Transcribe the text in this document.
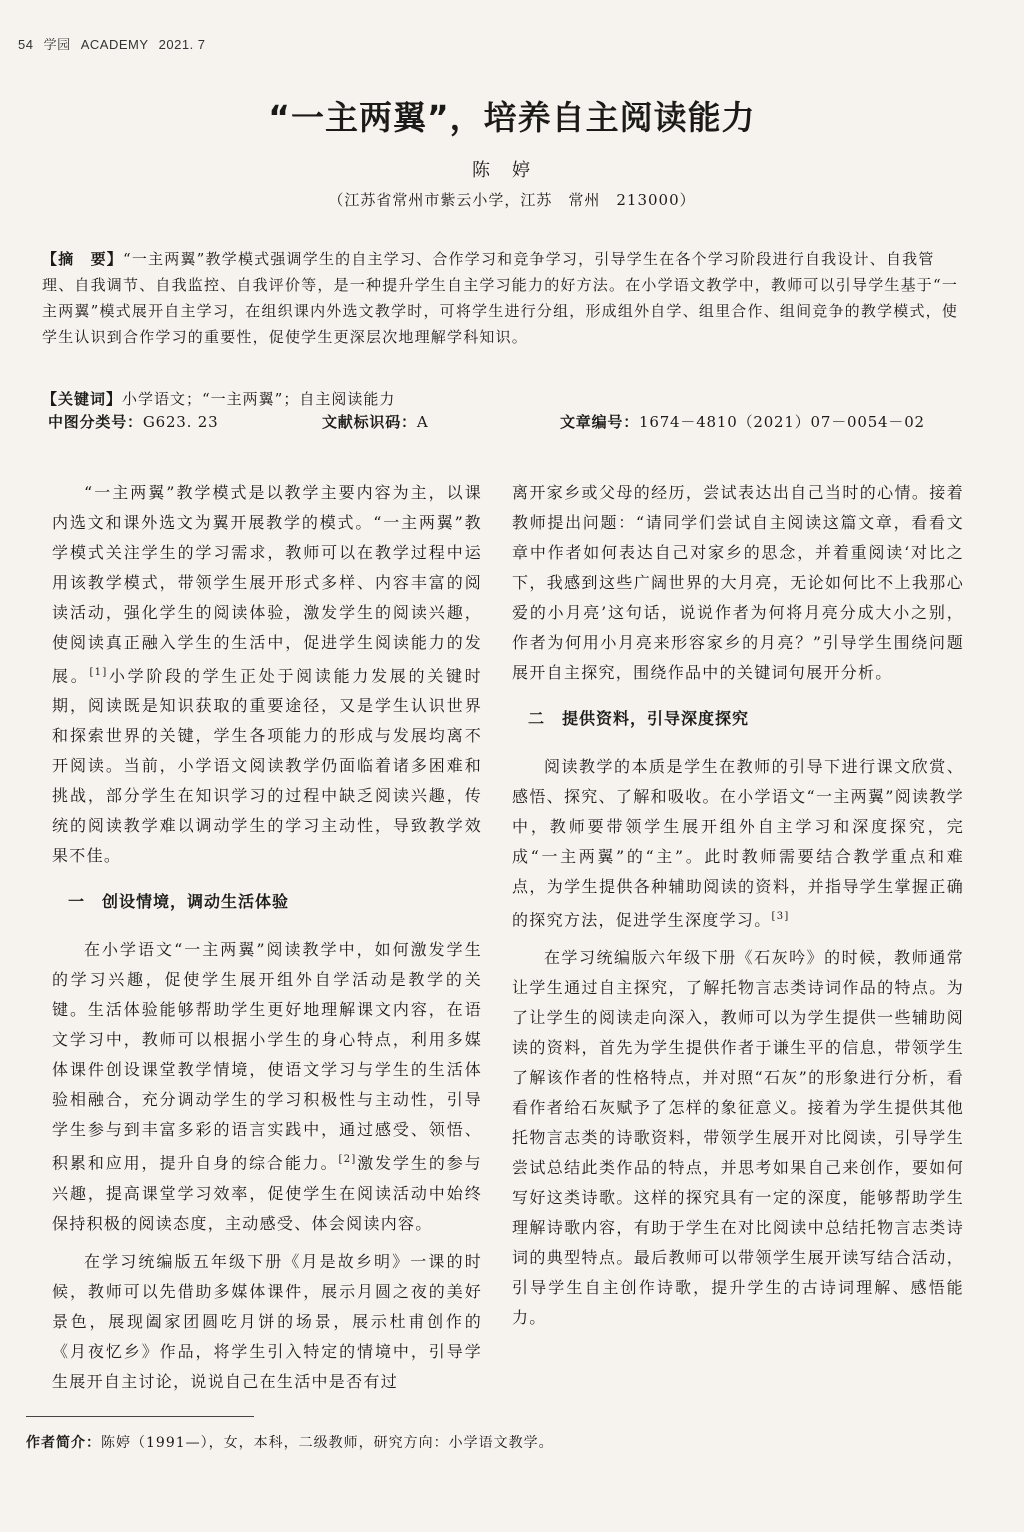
54 学园 ACADEMY 2021. 7
“一主两翼”，培养自主阅读能力
陈婷
（江苏省常州市紫云小学，江苏　常州　213000）
【摘　要】“一主两翼”教学模式强调学生的自主学习、合作学习和竞争学习，引导学生在各个学习阶段进行自我设计、自我管理、自我调节、自我监控、自我评价等，是一种提升学生自主学习能力的好方法。在小学语文教学中，教师可以引导学生基于“一主两翼”模式展开自主学习，在组织课内外选文教学时，可将学生进行分组，形成组外自学、组里合作、组间竞争的教学模式，使学生认识到合作学习的重要性，促使学生更深层次地理解学科知识。
【关键词】小学语文；“一主两翼”；自主阅读能力
中图分类号：G623. 23	文献标识码：A	文章编号：1674－4810（2021）07－0054－02

“一主两翼”教学模式是以教学主要内容为主，以课内选文和课外选文为翼开展教学的模式。“一主两翼”教学模式关注学生的学习需求，教师可以在教学过程中运用该教学模式，带领学生展开形式多样、内容丰富的阅读活动，强化学生的阅读体验，激发学生的阅读兴趣，使阅读真正融入学生的生活中，促进学生阅读能力的发展。[1]小学阶段的学生正处于阅读能力发展的关键时期，阅读既是知识获取的重要途径，又是学生认识世界和探索世界的关键，学生各项能力的形成与发展均离不开阅读。当前，小学语文阅读教学仍面临着诸多困难和挑战，部分学生在知识学习的过程中缺乏阅读兴趣，传统的阅读教学难以调动学生的学习主动性，导致教学效果不佳。

一　创设情境，调动生活体验

在小学语文“一主两翼”阅读教学中，如何激发学生的学习兴趣，促使学生展开组外自学活动是教学的关键。生活体验能够帮助学生更好地理解课文内容，在语文学习中，教师可以根据小学生的身心特点，利用多媒体课件创设课堂教学情境，使语文学习与学生的生活体验相融合，充分调动学生的学习积极性与主动性，引导学生参与到丰富多彩的语言实践中，通过感受、领悟、积累和应用，提升自身的综合能力。[2]激发学生的参与兴趣，提高课堂学习效率，促使学生在阅读活动中始终保持积极的阅读态度，主动感受、体会阅读内容。

在学习统编版五年级下册《月是故乡明》一课的时候，教师可以先借助多媒体课件，展示月圆之夜的美好景色，展现阖家团圆吃月饼的场景，展示杜甫创作的《月夜忆乡》作品，将学生引入特定的情境中，引导学生展开自主讨论，说说自己在生活中是否有过

离开家乡或父母的经历，尝试表达出自己当时的心情。接着教师提出问题：“请同学们尝试自主阅读这篇文章，看看文章中作者如何表达自己对家乡的思念，并着重阅读‘对比之下，我感到这些广阔世界的大月亮，无论如何比不上我那心爱的小月亮’这句话，说说作者为何将月亮分成大小之别，作者为何用小月亮来形容家乡的月亮？”引导学生围绕问题展开自主探究，围绕作品中的关键词句展开分析。

二　提供资料，引导深度探究

阅读教学的本质是学生在教师的引导下进行课文欣赏、感悟、探究、了解和吸收。在小学语文“一主两翼”阅读教学中，教师要带领学生展开组外自主学习和深度探究，完成“一主两翼”的“主”。此时教师需要结合教学重点和难点，为学生提供各种辅助阅读的资料，并指导学生掌握正确的探究方法，促进学生深度学习。[3]

在学习统编版六年级下册《石灰吟》的时候，教师通常让学生通过自主探究，了解托物言志类诗词作品的特点。为了让学生的阅读走向深入，教师可以为学生提供一些辅助阅读的资料，首先为学生提供作者于谦生平的信息，带领学生了解该作者的性格特点，并对照“石灰”的形象进行分析，看看作者给石灰赋予了怎样的象征意义。接着为学生提供其他托物言志类的诗歌资料，带领学生展开对比阅读，引导学生尝试总结此类作品的特点，并思考如果自己来创作，要如何写好这类诗歌。这样的探究具有一定的深度，能够帮助学生理解诗歌内容，有助于学生在对比阅读中总结托物言志类诗词的典型特点。最后教师可以带领学生展开读写结合活动，引导学生自主创作诗歌，提升学生的古诗词理解、感悟能力。

作者简介：陈婷（1991—），女，本科，二级教师，研究方向：小学语文教学。
